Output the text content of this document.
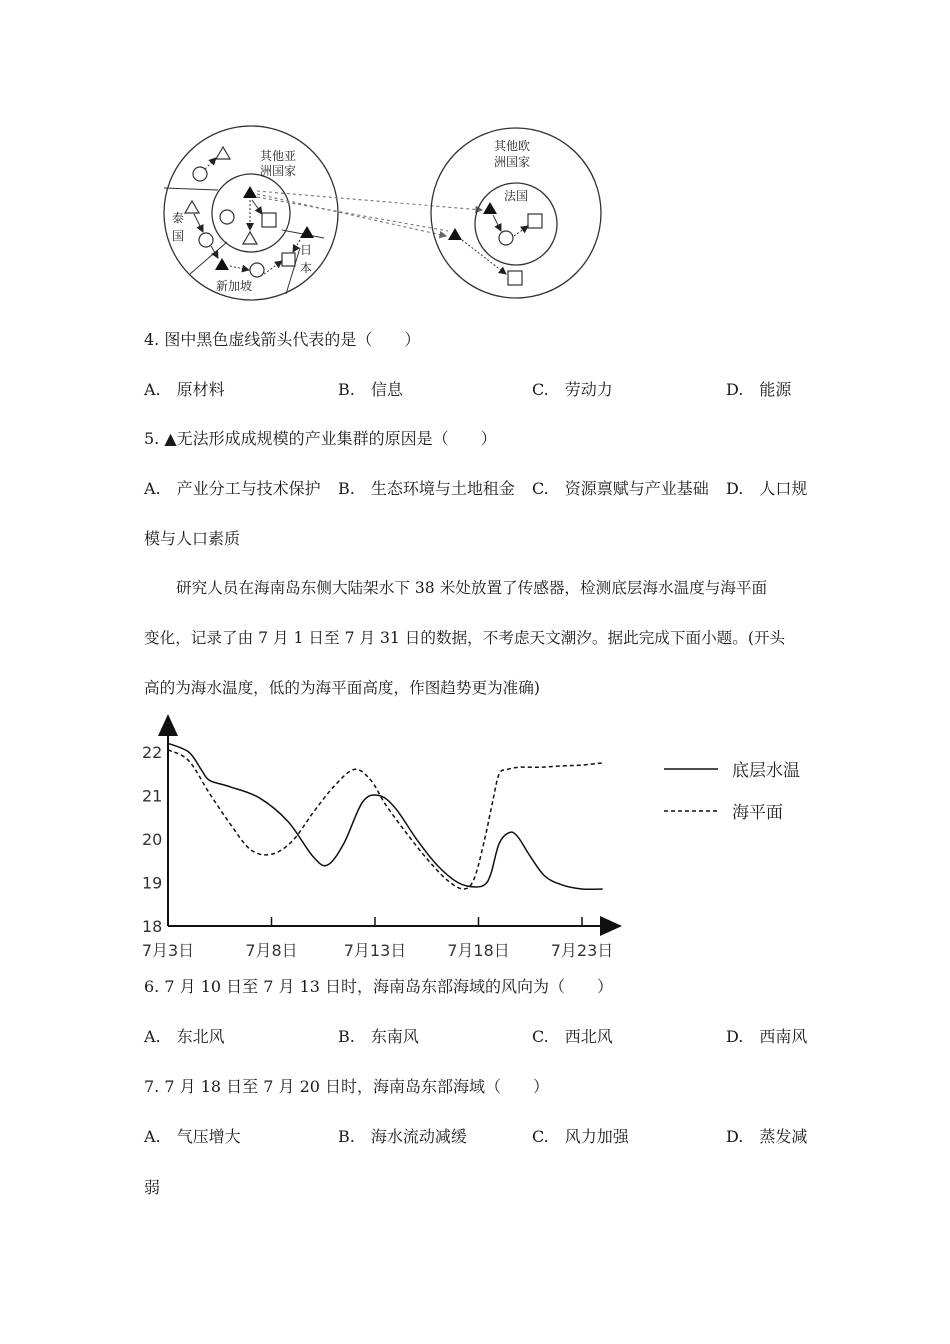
其他亚
洲国家
泰
国
日
本
新加坡
其他欧
洲国家
法国
4. 图中黑色虚线箭头代表的是（　　）
A.　原材料	B.　信息	C.　劳动力	D.　能源
5. ▲无法形成成规模的产业集群的原因是（　　）
A.　产业分工与技术保护 B.　生态环境与土地租金 C.　资源禀赋与产业基础 D.　人口规
模与人口素质
研究人员在海南岛东侧大陆架水下 38 米处放置了传感器，检测底层海水温度与海平面
变化，记录了由 7 月 1 日至 7 月 31 日的数据，不考虑天文潮汐。据此完成下面小题。(开头
高的为海水温度，低的为海平面高度，作图趋势更为准确)
18
19
20
21
22
7月3日	7月8日	7月13日	7月18日	7月23日
底层水温
海平面
6. 7 月 10 日至 7 月 13 日时，海南岛东部海域的风向为（　　）
A.　东北风	B.　东南风	C.　西北风	D.　西南风
7. 7 月 18 日至 7 月 20 日时，海南岛东部海域（　　）
A.　气压增大	B.　海水流动减缓	C.　风力加强	D.　蒸发减
弱
